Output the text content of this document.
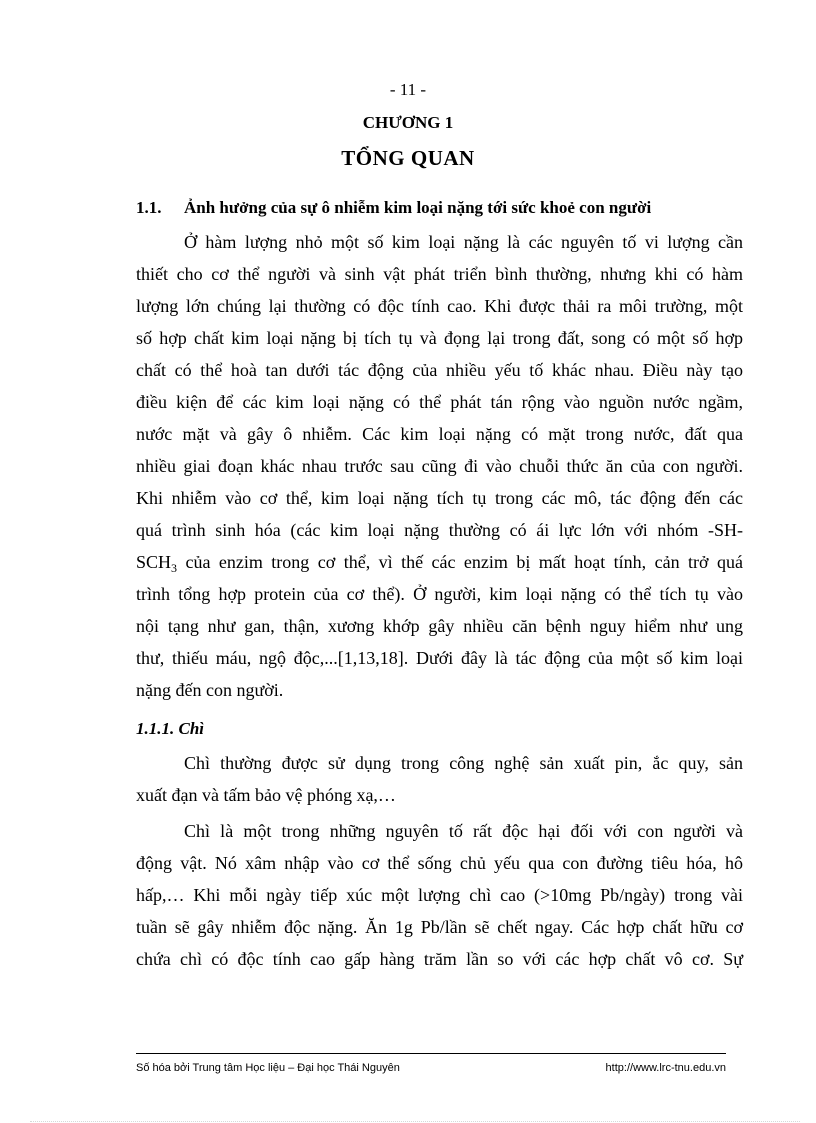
- 11 -
CHƯƠNG 1
TỔNG QUAN
1.1. Ảnh hưởng của sự ô nhiễm kim loại nặng tới sức khoẻ con người
Ở hàm lượng nhỏ một số kim loại nặng là các nguyên tố vi lượng cần
thiết cho cơ thể người và sinh vật phát triển bình thường, nhưng khi có hàm
lượng lớn chúng lại thường có độc tính cao. Khi được thải ra môi trường, một
số hợp chất kim loại nặng bị tích tụ và đọng lại trong đất, song có một số hợp
chất có thể hoà tan dưới tác động của nhiều yếu tố khác nhau. Điều này tạo
điều kiện để các kim loại nặng có thể phát tán rộng vào nguồn nước ngầm,
nước mặt và gây ô nhiễm. Các kim loại nặng có mặt trong nước, đất qua
nhiều giai đoạn khác nhau trước sau cũng đi vào chuỗi thức ăn của con người.
Khi nhiễm vào cơ thể, kim loại nặng tích tụ trong các mô, tác động đến các
quá trình sinh hóa (các kim loại nặng thường có ái lực lớn với nhóm -SH-
$SCH_3$ của enzim trong cơ thể, vì thế các enzim bị mất hoạt tính, cản trở quá
trình tổng hợp protein của cơ thể). Ở người, kim loại nặng có thể tích tụ vào
nội tạng như gan, thận, xương khớp gây nhiều căn bệnh nguy hiểm như ung
thư, thiếu máu, ngộ độc,...[1,13,18]. Dưới đây là tác động của một số kim loại
nặng đến con người.
1.1.1. Chì
Chì thường được sử dụng trong công nghệ sản xuất pin, ắc quy, sản
xuất đạn và tấm bảo vệ phóng xạ,…
Chì là một trong những nguyên tố rất độc hại đối với con người và
động vật. Nó xâm nhập vào cơ thể sống chủ yếu qua con đường tiêu hóa, hô
hấp,… Khi mỗi ngày tiếp xúc một lượng chì cao (>10mg Pb/ngày) trong vài
tuần sẽ gây nhiễm độc nặng. Ăn 1g Pb/lần sẽ chết ngay. Các hợp chất hữu cơ
chứa chì có độc tính cao gấp hàng trăm lần so với các hợp chất vô cơ. Sự
Số hóa bởi Trung tâm Học liệu – Đại học Thái Nguyên	http://www.lrc-tnu.edu.vn
